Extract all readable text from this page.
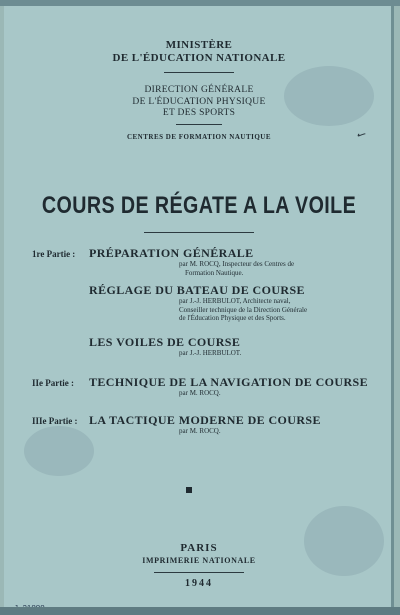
MINISTÈRE
DE L'ÉDUCATION NATIONALE
DIRECTION GÉNÉRALE
DE L'ÉDUCATION PHYSIQUE
ET DES SPORTS
CENTRES DE FORMATION NAUTIQUE	✓
COURS DE RÉGATE A LA VOILE
1re Partie : PRÉPARATION GÉNÉRALE
par M. ROCQ, Inspecteur des Centres de
Formation Nautique.
RÉGLAGE DU BATEAU DE COURSE
par J.-J. HERBULOT, Architecte naval,
Conseiller technique de la Direction Générale
de l'Éducation Physique et des Sports.
LES VOILES DE COURSE
par J.-J. HERBULOT.
IIe Partie : TECHNIQUE DE LA NAVIGATION DE COURSE
par M. ROCQ.
IIIe Partie : LA TACTIQUE MODERNE DE COURSE
par M. ROCQ.
PARIS
IMPRIMERIE NATIONALE
1944
